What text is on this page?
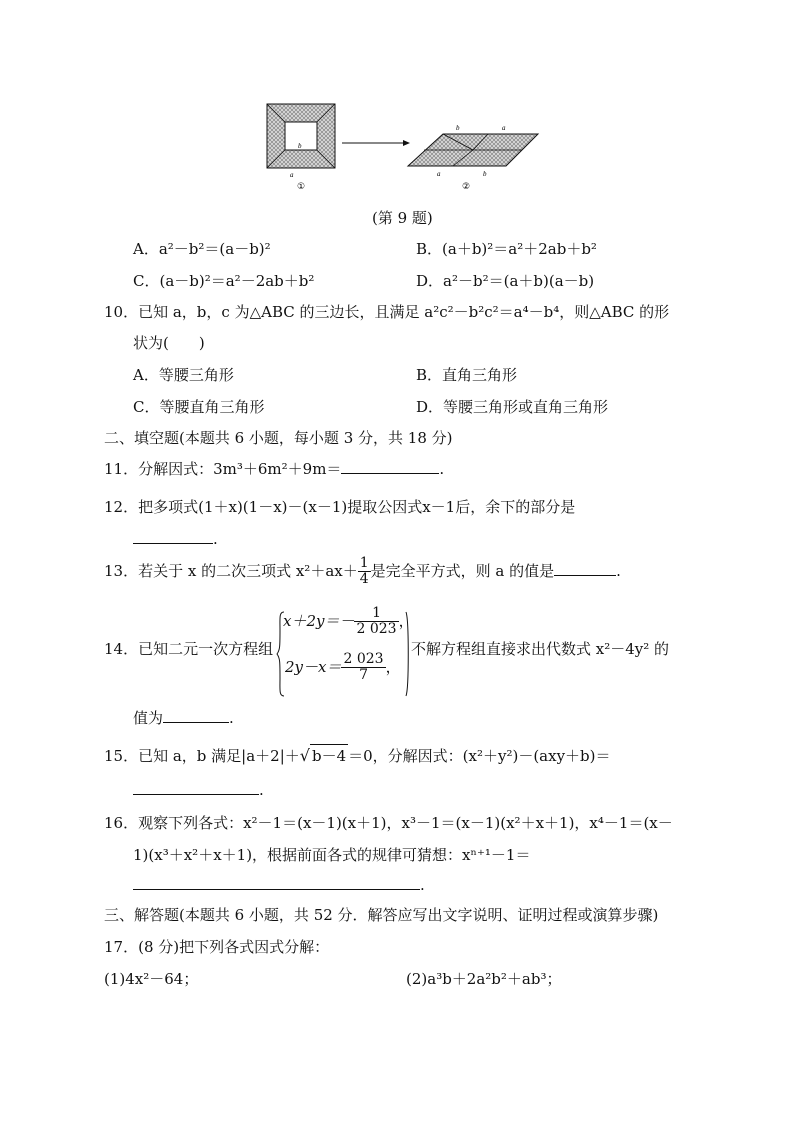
b
a
①
b	a
a	b
②
(第 9 题)
A．a²－b²＝(a－b)²	B．(a＋b)²＝a²＋2ab＋b²
C．(a－b)²＝a²－2ab＋b²	D．a²－b²＝(a＋b)(a－b)
10．已知 a，b，c 为△ABC 的三边长，且满足 a²c²－b²c²＝a⁴－b⁴，则△ABC 的形
状为(　　)
A．等腰三角形	B．直角三角形
C．等腰直角三角形	D．等腰三角形或直角三角形
二、填空题(本题共 6 小题，每小题 3 分，共 18 分)
11．分解因式：3m³＋6m²＋9m＝	.
12．把多项式(1＋x)(1－x)－(x－1)提取公因式x－1后，余下的部分是
.
13．若关于 x 的二次三项式 $x^2+ax+ \frac{1}{4}$ 是完全平方式，则 a 的值是	.
14．已知二元一次方程组
$x+2y=- \frac{1}{2 023}$ ，
$2y-x= \frac{2 023}{7}$ ，
不解方程组直接求出代数式 x²－4y² 的
值为	.
15．已知 a，b 满足|a＋2|＋√ b－4 ＝0，分解因式：(x²＋y²)－(axy＋b)＝
.
16．观察下列各式：x²－1＝(x－1)(x＋1)，x³－1＝(x－1)(x²＋x＋1)，x⁴－1＝(x－
1)(x³＋x²＋x＋1)，根据前面各式的规律可猜想：xⁿ⁺¹－1＝
.
三、解答题(本题共 6 小题，共 52 分．解答应写出文字说明、证明过程或演算步骤)
17．(8 分)把下列各式因式分解：
(1)4x²－64；	(2)a³b＋2a²b²＋ab³；
